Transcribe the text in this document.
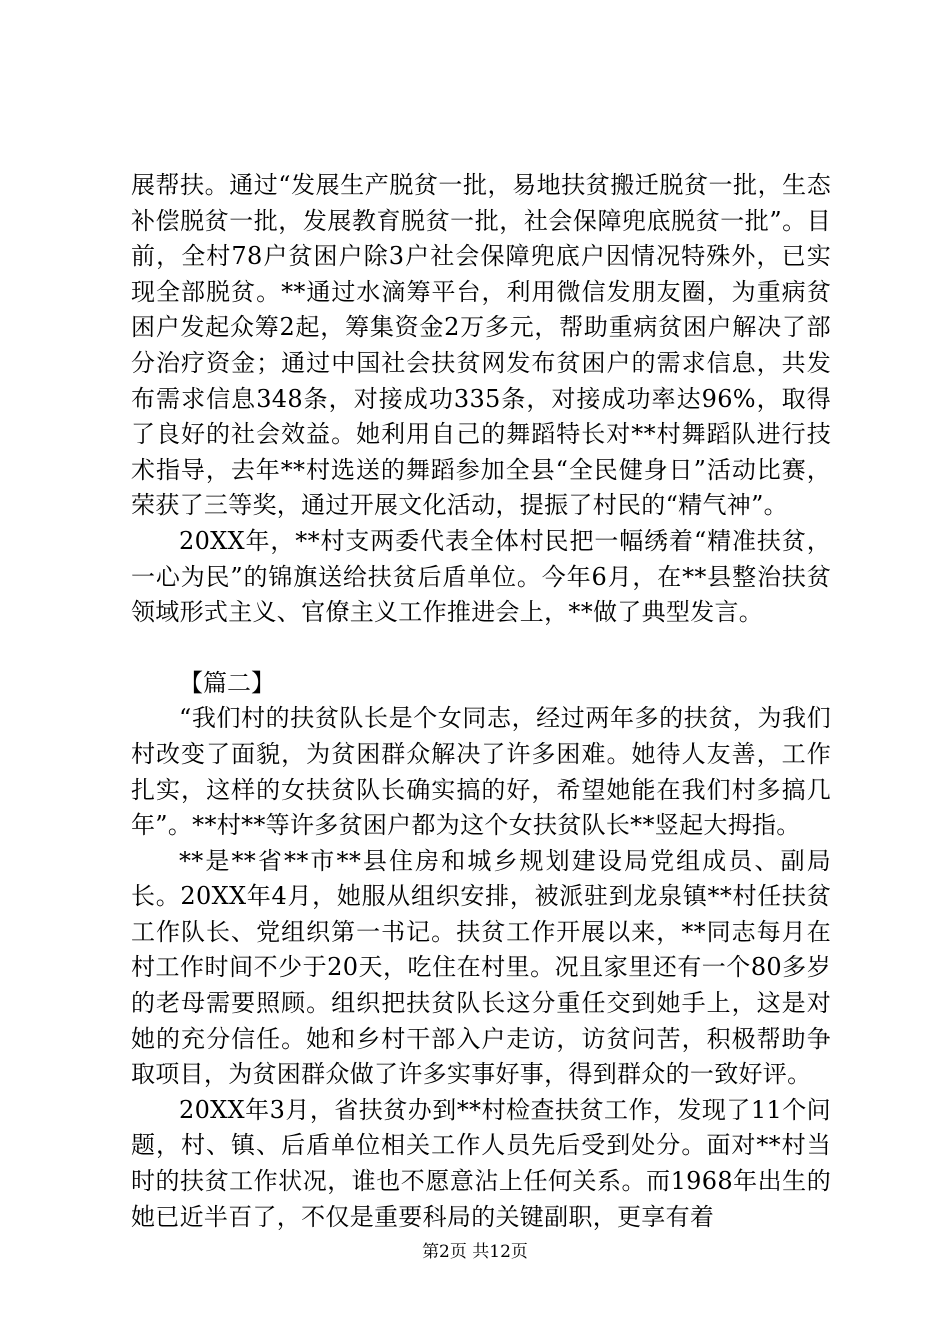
展帮扶。通过“发展生产脱贫一批，易地扶贫搬迁脱贫一批，生态补偿脱贫一批，发展教育脱贫一批，社会保障兜底脱贫一批”。目前，全村78户贫困户除3户社会保障兜底户因情况特殊外，已实现全部脱贫。**通过水滴筹平台，利用微信发朋友圈，为重病贫困户发起众筹2起，筹集资金2万多元，帮助重病贫困户解决了部分治疗资金；通过中国社会扶贫网发布贫困户的需求信息，共发布需求信息348条，对接成功335条，对接成功率达96%，取得了良好的社会效益。她利用自己的舞蹈特长对**村舞蹈队进行技术指导，去年**村选送的舞蹈参加全县“全民健身日”活动比赛，荣获了三等奖，通过开展文化活动，提振了村民的“精气神”。

20XX年，**村支两委代表全体村民把一幅绣着“精准扶贫，一心为民”的锦旗送给扶贫后盾单位。今年6月，在**县整治扶贫领域形式主义、官僚主义工作推进会上，**做了典型发言。

【篇二】

“我们村的扶贫队长是个女同志，经过两年多的扶贫，为我们村改变了面貌，为贫困群众解决了许多困难。她待人友善，工作扎实，这样的女扶贫队长确实搞的好，希望她能在我们村多搞几年”。**村**等许多贫困户都为这个女扶贫队长**竖起大拇指。

**是**省**市**县住房和城乡规划建设局党组成员、副局长。20XX年4月，她服从组织安排，被派驻到龙泉镇**村任扶贫工作队长、党组织第一书记。扶贫工作开展以来，**同志每月在村工作时间不少于20天，吃住在村里。况且家里还有一个80多岁的老母需要照顾。组织把扶贫队长这分重任交到她手上，这是对她的充分信任。她和乡村干部入户走访，访贫问苦，积极帮助争取项目，为贫困群众做了许多实事好事，得到群众的一致好评。

20XX年3月，省扶贫办到**村检查扶贫工作，发现了11个问题，村、镇、后盾单位相关工作人员先后受到处分。面对**村当时的扶贫工作状况，谁也不愿意沾上任何关系。而1968年出生的她已近半百了，不仅是重要科局的关键副职，更享有着

第2页 共12页
